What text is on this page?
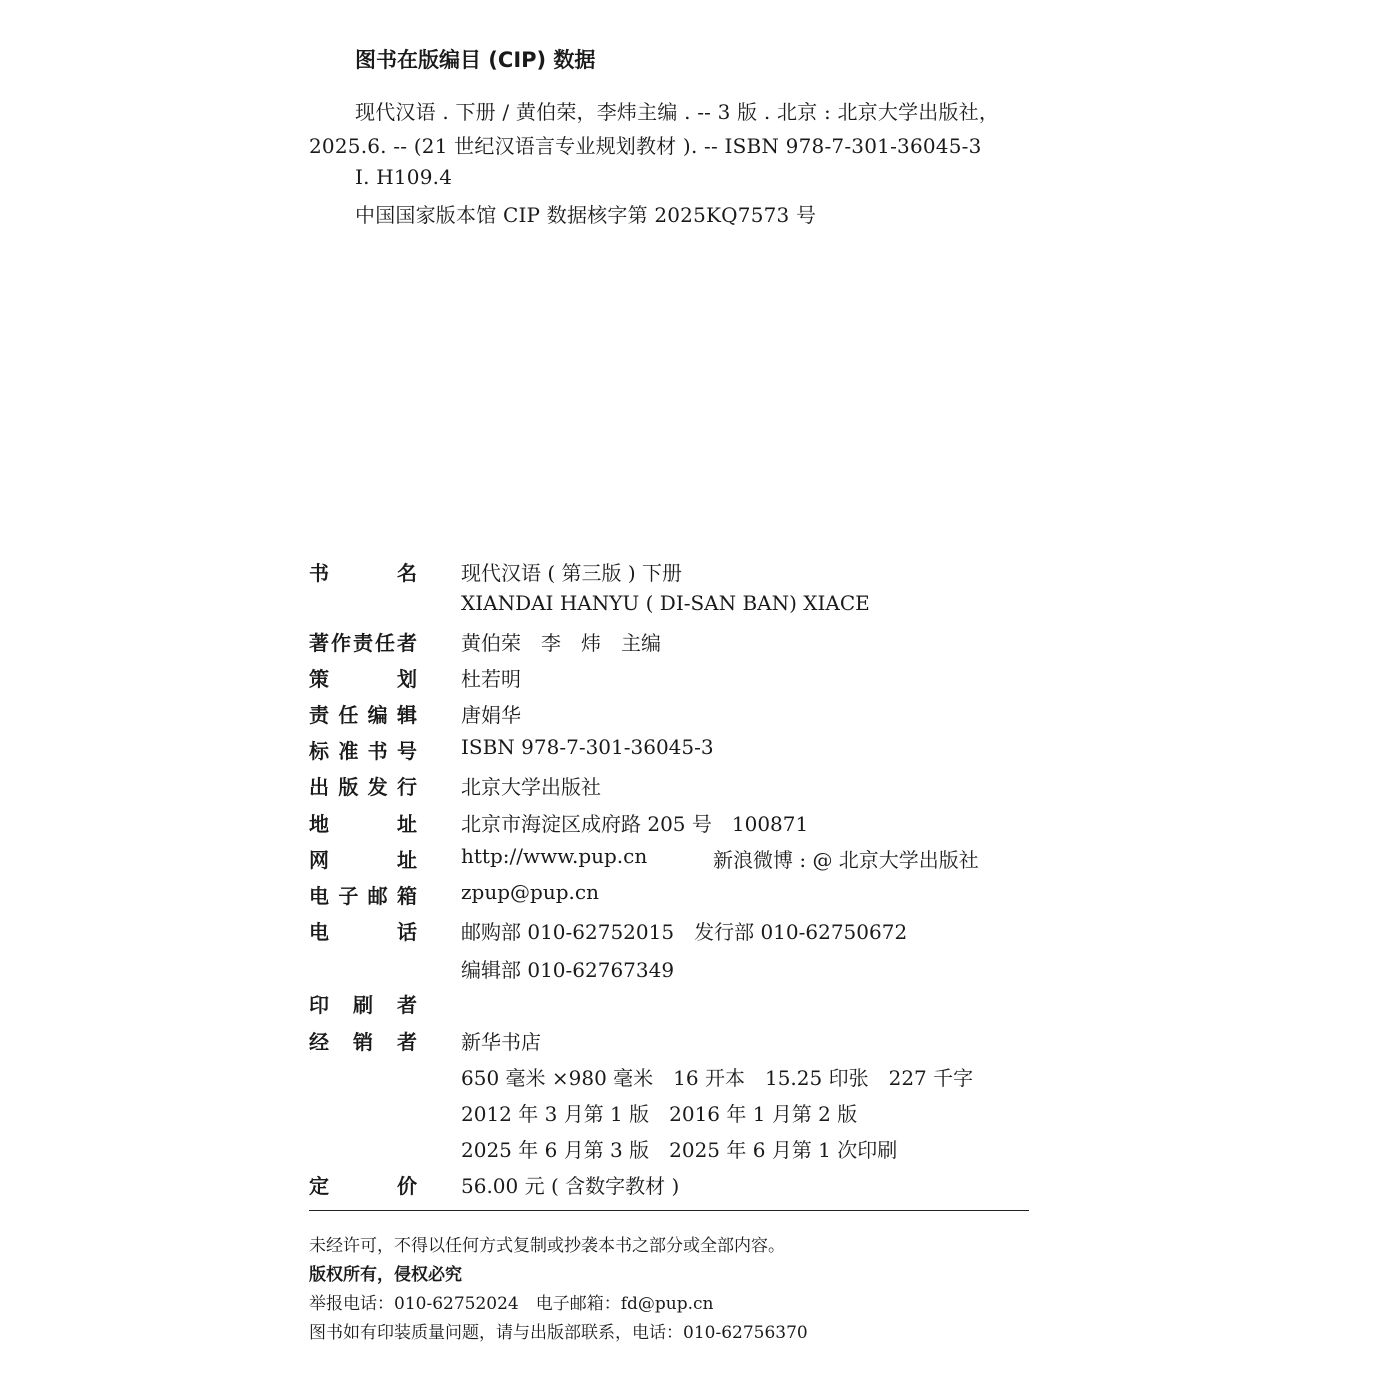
图书在版编目 (CIP) 数据
现代汉语 . 下册 / 黄伯荣，李炜主编 . -- 3 版 . 北京 : 北京大学出版社，
2025.6. -- (21 世纪汉语言专业规划教材 ). -- ISBN 978-7-301-36045-3
Ⅰ. H109.4
中国国家版本馆 CIP 数据核字第 2025KQ7573 号
书名 现代汉语 ( 第三版 ) 下册
XIANDAI HANYU ( DI-SAN BAN) XIACE
著作责任者 黄伯荣　李　炜　主编
策划 杜若明
责任编辑 唐娟华
标准书号 ISBN 978-7-301-36045-3
出版发行 北京大学出版社
地址 北京市海淀区成府路 205 号　100871
网址 http://www.pup.cn	新浪微博 : @ 北京大学出版社
电子邮箱 zpup@pup.cn
电话 邮购部 010-62752015　发行部 010-62750672
编辑部 010-62767349
印刷者
经销者 新华书店
650 毫米 ×980 毫米　16 开本　15.25 印张　227 千字
2012 年 3 月第 1 版　2016 年 1 月第 2 版
2025 年 6 月第 3 版　2025 年 6 月第 1 次印刷
定价 56.00 元 ( 含数字教材 )
未经许可，不得以任何方式复制或抄袭本书之部分或全部内容。
版权所有，侵权必究
举报电话：010-62752024　电子邮箱：fd@pup.cn
图书如有印装质量问题，请与出版部联系，电话：010-62756370
